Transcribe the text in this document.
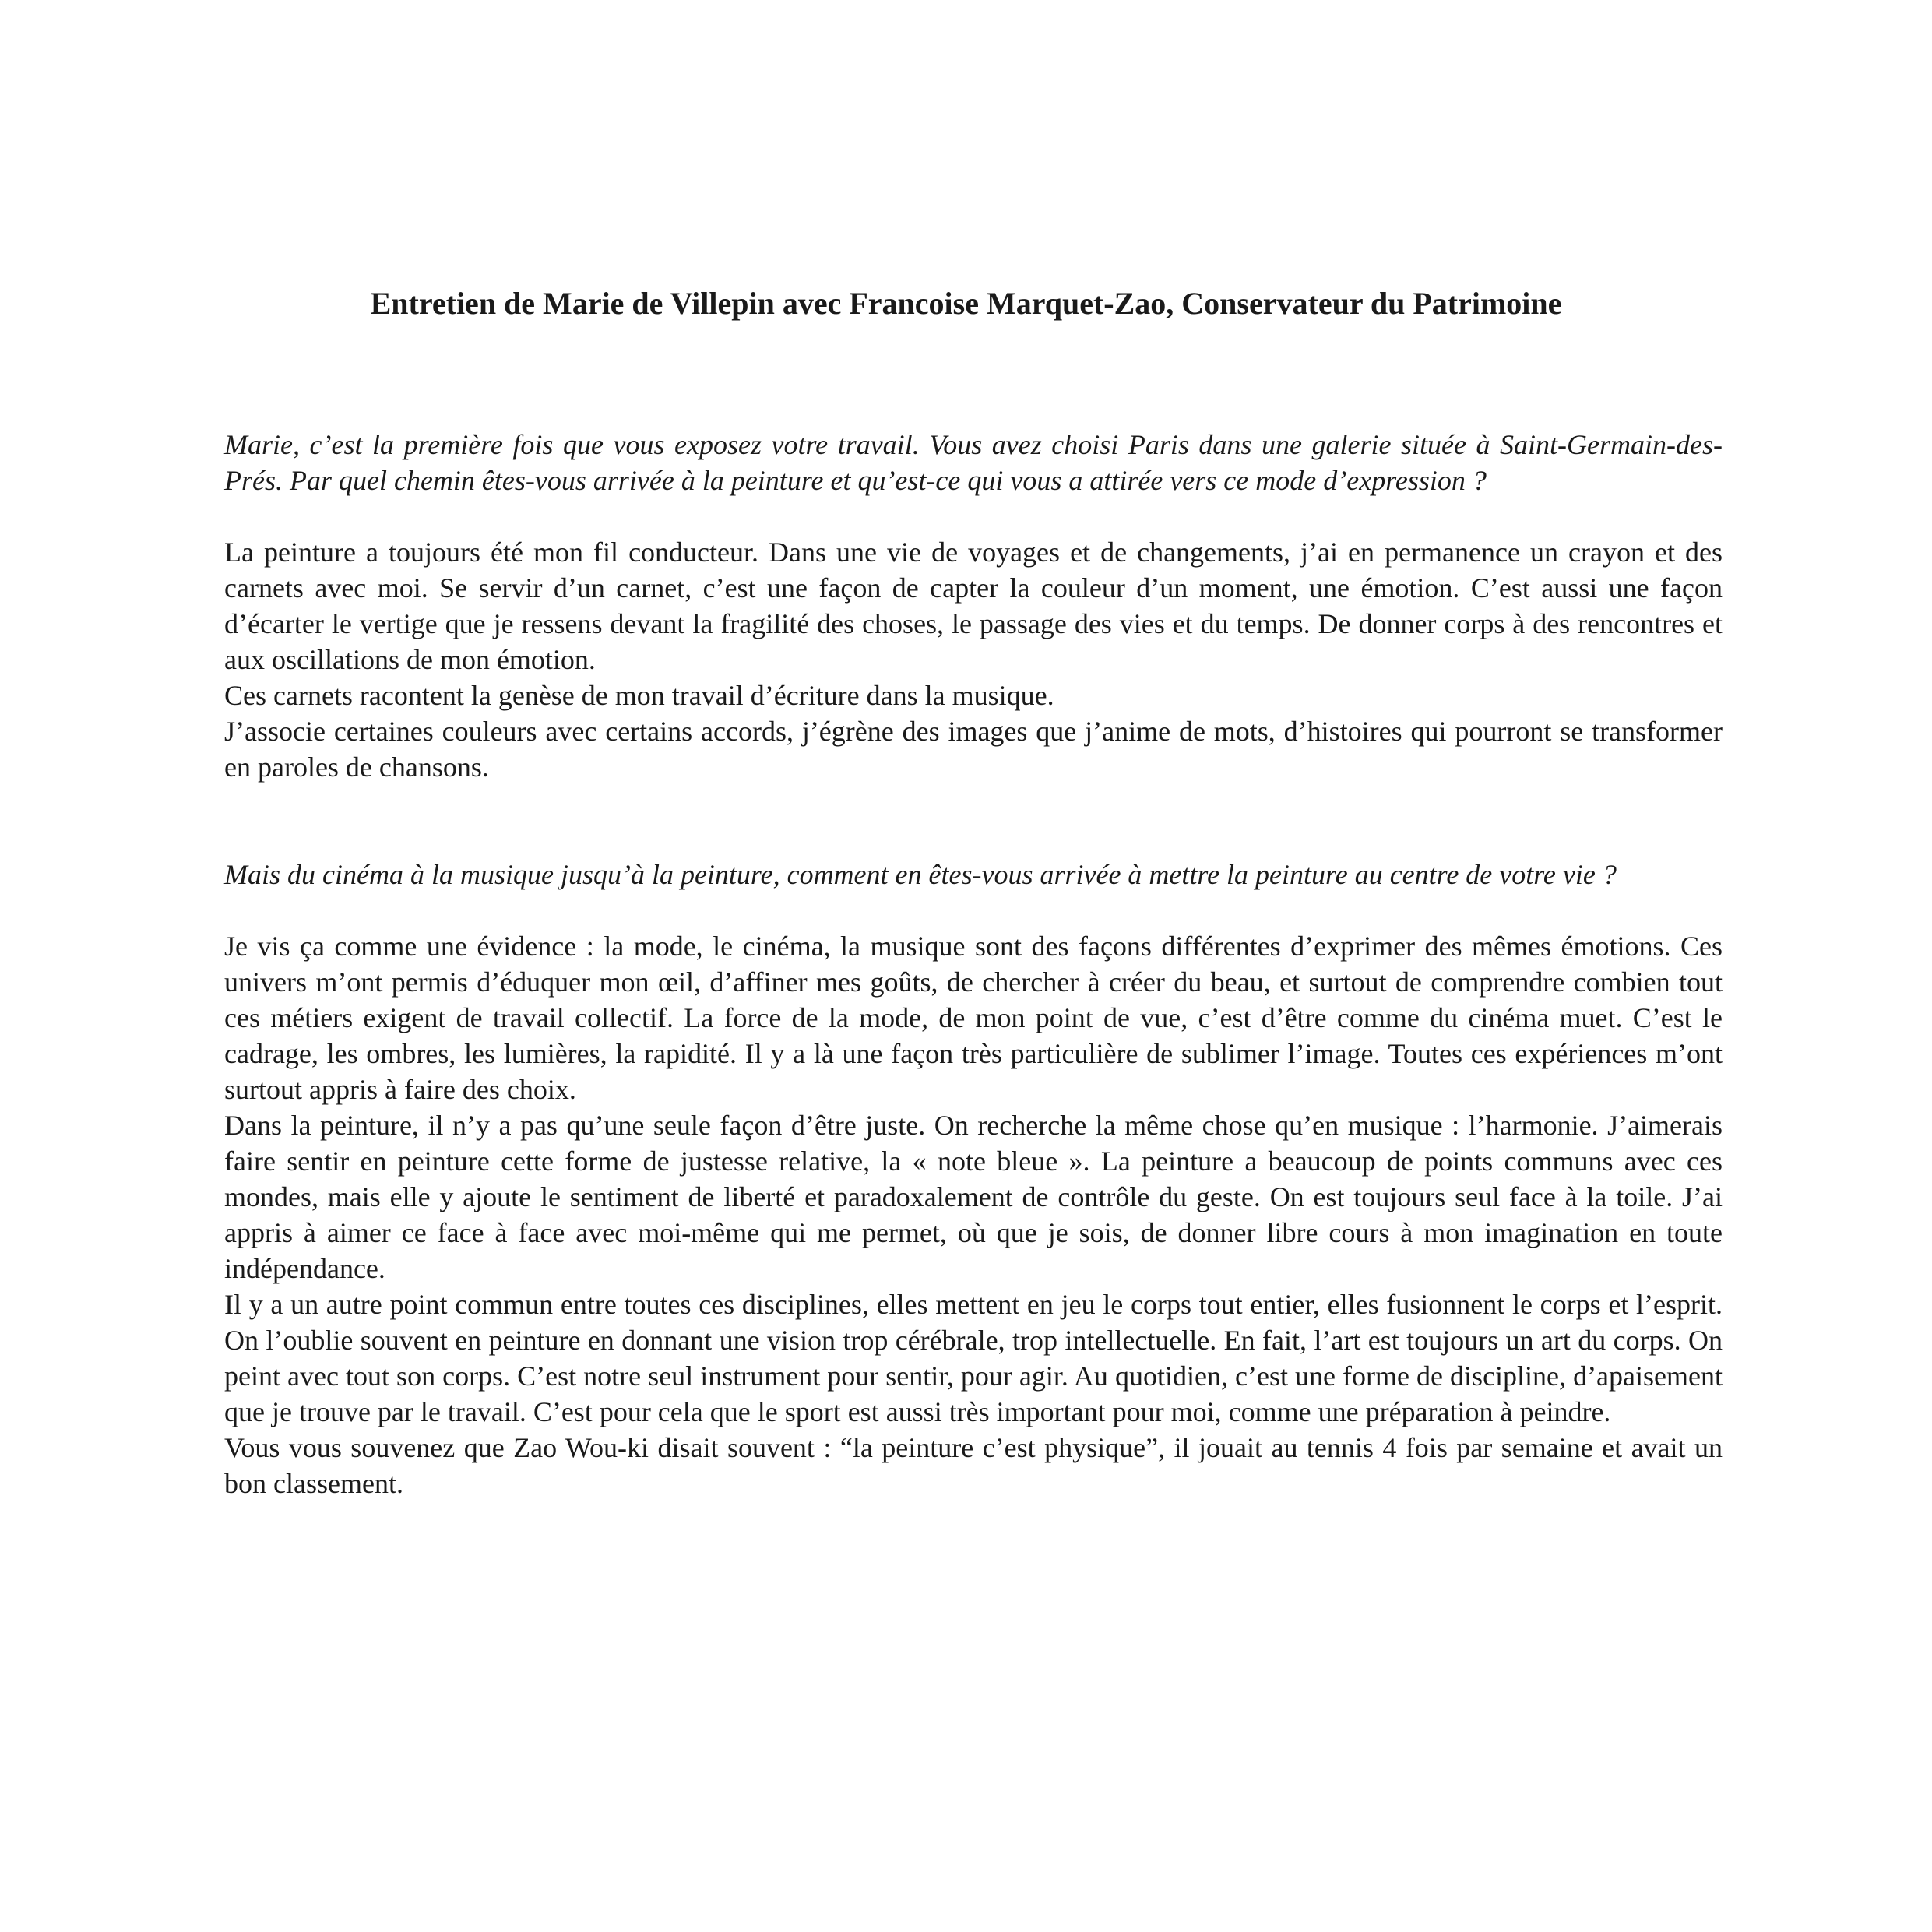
Entretien de Marie de Villepin avec Francoise Marquet-Zao, Conservateur du Patrimoine

Marie, c’est la première fois que vous exposez votre travail. Vous avez choisi Paris dans une galerie située à Saint-Germain-des-Prés. Par quel chemin êtes-vous arrivée à la peinture et qu’est-ce qui vous a attirée vers ce mode d’expression ?

La peinture a toujours été mon fil conducteur. Dans une vie de voyages et de changements, j’ai en permanence un crayon et des carnets avec moi. Se servir d’un carnet, c’est une façon de capter la couleur d’un moment, une émotion. C’est aussi une façon d’écarter le vertige que je ressens devant la fragilité des choses, le passage des vies et du temps. De donner corps à des rencontres et aux oscillations de mon émotion.

Ces carnets racontent la genèse de mon travail d’écriture dans la musique.

J’associe certaines couleurs avec certains accords, j’égrène des images que j’anime de mots, d’histoires qui pourront se transformer en paroles de chansons.

Mais du cinéma à la musique jusqu’à la peinture, comment en êtes-vous arrivée à mettre la peinture au centre de votre vie ?

Je vis ça comme une évidence : la mode, le cinéma, la musique sont des façons différentes d’exprimer des mêmes émotions. Ces univers m’ont permis d’éduquer mon œil, d’affiner mes goûts, de chercher à créer du beau, et surtout de comprendre combien tout ces métiers exigent de travail collectif. La force de la mode, de mon point de vue, c’est d’être comme du cinéma muet. C’est le cadrage, les ombres, les lumières, la rapidité. Il y a là une façon très particulière de sublimer l’image. Toutes ces expériences m’ont surtout appris à faire des choix.

Dans la peinture, il n’y a pas qu’une seule façon d’être juste. On recherche la même chose qu’en musique : l’harmonie. J’aimerais faire sentir en peinture cette forme de justesse relative, la « note bleue ». La peinture a beaucoup de points communs avec ces mondes, mais elle y ajoute le sentiment de liberté et paradoxalement de contrôle du geste. On est toujours seul face à la toile. J’ai appris à aimer ce face à face avec moi-même qui me permet, où que je sois, de donner libre cours à mon imagination en toute indépendance.

Il y a un autre point commun entre toutes ces disciplines, elles mettent en jeu le corps tout entier, elles fusionnent le corps et l’esprit. On l’oublie souvent en peinture en donnant une vision trop cérébrale, trop intellectuelle. En fait, l’art est toujours un art du corps. On peint avec tout son corps. C’est notre seul instrument pour sentir, pour agir. Au quotidien, c’est une forme de discipline, d’apaisement que je trouve par le travail. C’est pour cela que le sport est aussi très important pour moi, comme une préparation à peindre.

Vous vous souvenez que Zao Wou-ki disait souvent : “la peinture c’est physique”, il jouait au tennis 4 fois par semaine et avait un bon classement.
